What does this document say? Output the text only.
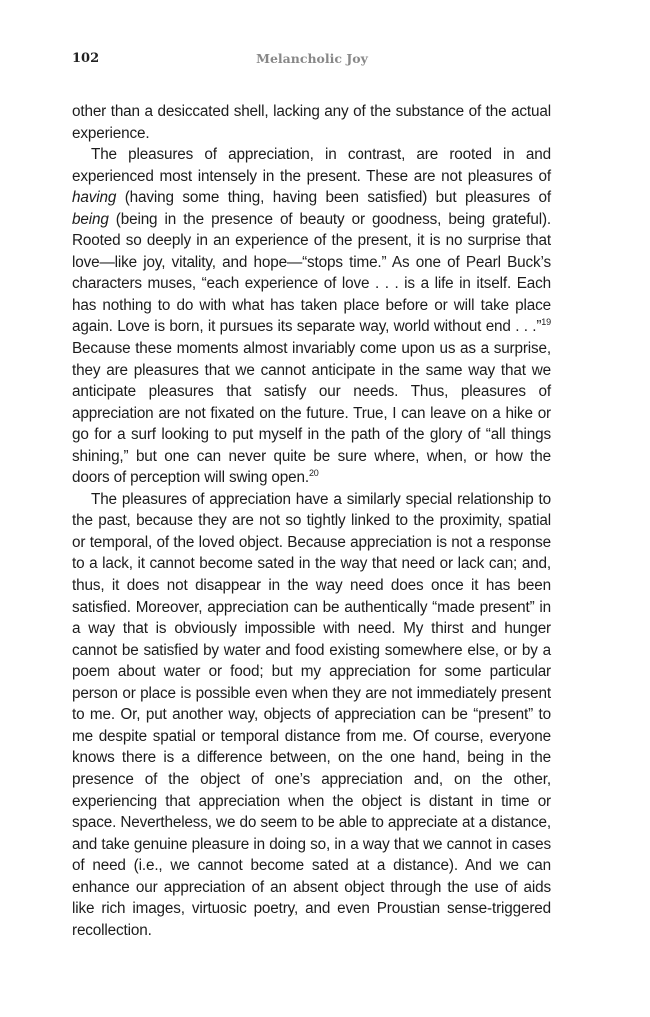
102	Melancholic Joy

other than a desiccated shell, lacking any of the substance of the actual experience.

The pleasures of appreciation, in contrast, are rooted in and experienced most intensely in the present. These are not pleasures of having (having some thing, having been satisfied) but pleasures of being (being in the presence of beauty or goodness, being grateful). Rooted so deeply in an experience of the present, it is no surprise that love—like joy, vitality, and hope—“stops time.” As one of Pearl Buck’s characters muses, “each experience of love . . . is a life in itself. Each has nothing to do with what has taken place before or will take place again. Love is born, it pursues its separate way, world without end . . .”$^{19}$ Because these moments almost invariably come upon us as a surprise, they are pleasures that we cannot anticipate in the same way that we anticipate pleasures that satisfy our needs. Thus, pleasures of appreciation are not fixated on the future. True, I can leave on a hike or go for a surf looking to put myself in the path of the glory of “all things shining,” but one can never quite be sure where, when, or how the doors of perception will swing open.$^{20}$

The pleasures of appreciation have a similarly special relationship to the past, because they are not so tightly linked to the proximity, spatial or temporal, of the loved object. Because appreciation is not a response to a lack, it cannot become sated in the way that need or lack can; and, thus, it does not disappear in the way need does once it has been satisfied. Moreover, appreciation can be authentically “made present” in a way that is obviously impossible with need. My thirst and hunger cannot be satisfied by water and food existing somewhere else, or by a poem about water or food; but my appreciation for some particular person or place is possible even when they are not immediately present to me. Or, put another way, objects of appreciation can be “present” to me despite spatial or temporal distance from me. Of course, everyone knows there is a difference between, on the one hand, being in the presence of the object of one’s appreciation and, on the other, experiencing that appreciation when the object is distant in time or space. Nevertheless, we do seem to be able to appreciate at a distance, and take genuine pleasure in doing so, in a way that we cannot in cases of need (i.e., we cannot become sated at a distance). And we can enhance our appreciation of an absent object through the use of aids like rich images, virtuosic poetry, and even Proustian sense-triggered recollection.
